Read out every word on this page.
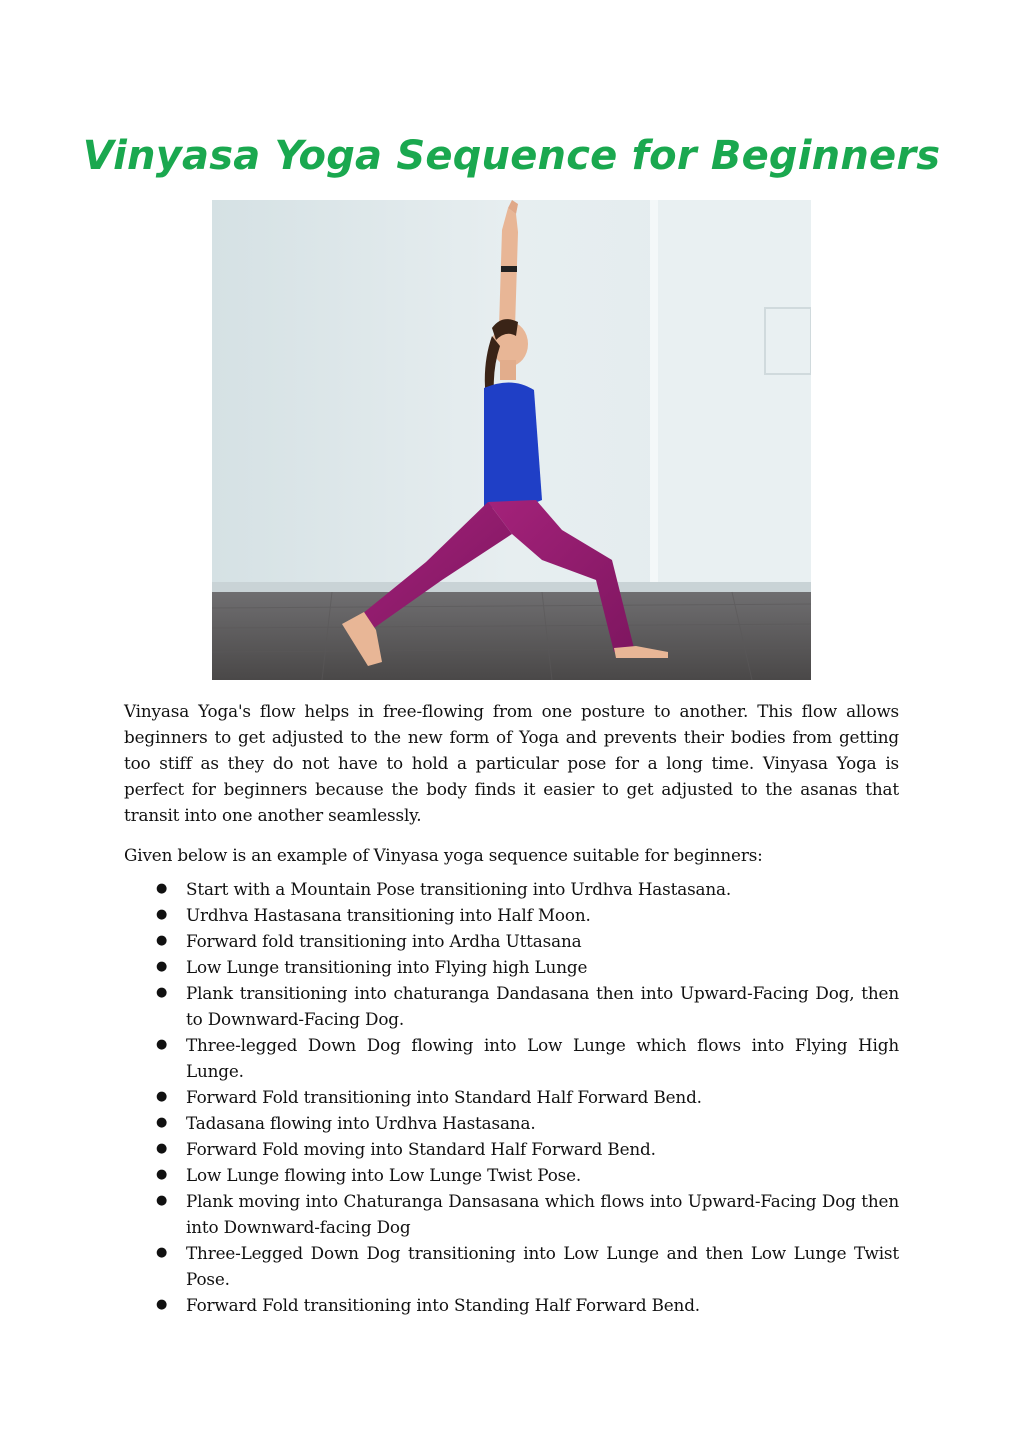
Vinyasa Yoga Sequence for Beginners

Vinyasa Yoga's flow helps in free-flowing from one posture to another. This flow allows beginners to get adjusted to the new form of Yoga and prevents their bodies from getting too stiff as they do not have to hold a particular pose for a long time. Vinyasa Yoga is perfect for beginners because the body finds it easier to get adjusted to the asanas that transit into one another seamlessly.

Given below is an example of Vinyasa yoga sequence suitable for beginners:

● Start with a Mountain Pose transitioning into Urdhva Hastasana.
● Urdhva Hastasana transitioning into Half Moon.
● Forward fold transitioning into Ardha Uttasana
● Low Lunge transitioning into Flying high Lunge
● Plank transitioning into chaturanga Dandasana then into Upward-Facing Dog, then to Downward-Facing Dog.
● Three-legged Down Dog flowing into Low Lunge which flows into Flying High Lunge.
● Forward Fold transitioning into Standard Half Forward Bend.
● Tadasana flowing into Urdhva Hastasana.
● Forward Fold moving into Standard Half Forward Bend.
● Low Lunge flowing into Low Lunge Twist Pose.
● Plank moving into Chaturanga Dansasana which flows into Upward-Facing Dog then into Downward-facing Dog
● Three-Legged Down Dog transitioning into Low Lunge and then Low Lunge Twist Pose.
● Forward Fold transitioning into Standing Half Forward Bend.
